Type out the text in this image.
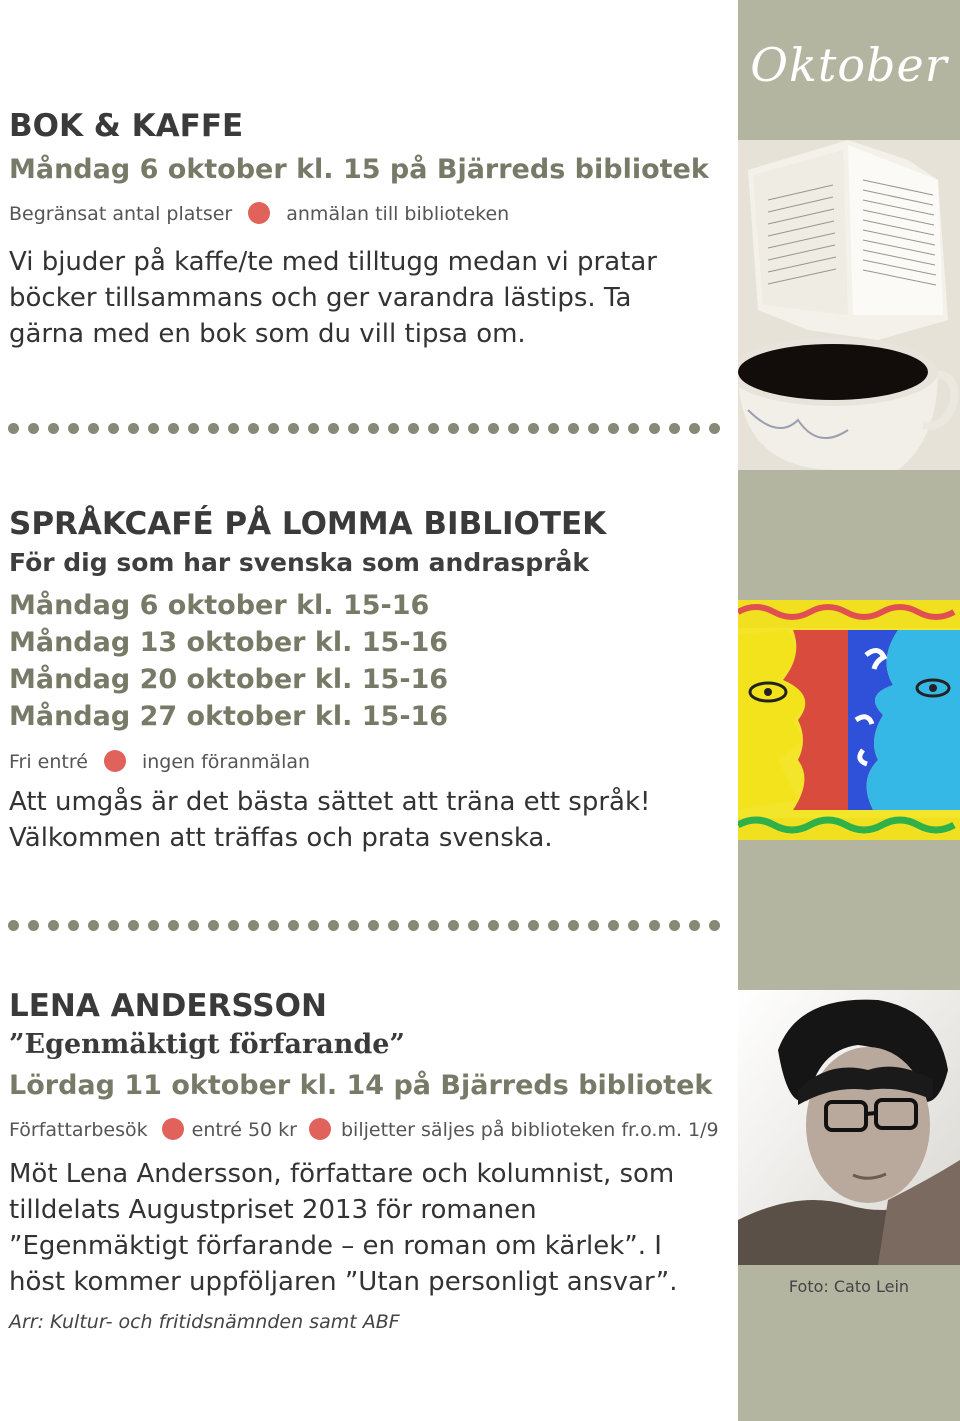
Oktober
Foto: Cato Lein
BOK & KAFFE
Måndag 6 oktober kl. 15 på Bjärreds bibliotek
Begränsat antal platser	anmälan till biblioteken
Vi bjuder på kaffe/te med tilltugg medan vi pratar böcker tillsammans och ger varandra lästips. Ta gärna med en bok som du vill tipsa om.
SPRÅKCAFÉ PÅ LOMMA BIBLIOTEK
För dig som har svenska som andraspråk
Måndag 6 oktober kl. 15-16
Måndag 13 oktober kl. 15-16
Måndag 20 oktober kl. 15-16
Måndag 27 oktober kl. 15-16
Fri entré	ingen föranmälan
Att umgås är det bästa sättet att träna ett språk! Välkommen att träffas och prata svenska.
LENA ANDERSSON
”Egenmäktigt förfarande”
Lördag 11 oktober kl. 14 på Bjärreds bibliotek
Författarbesök entré 50 kr biljetter säljes på biblioteken fr.o.m. 1/9
Möt Lena Andersson, författare och kolumnist, som tilldelats Augustpriset 2013 för romanen ”Egenmäktigt förfarande – en roman om kärlek”. I höst kommer uppföljaren ”Utan personligt ansvar”.
Arr: Kultur- och fritidsnämnden samt ABF
